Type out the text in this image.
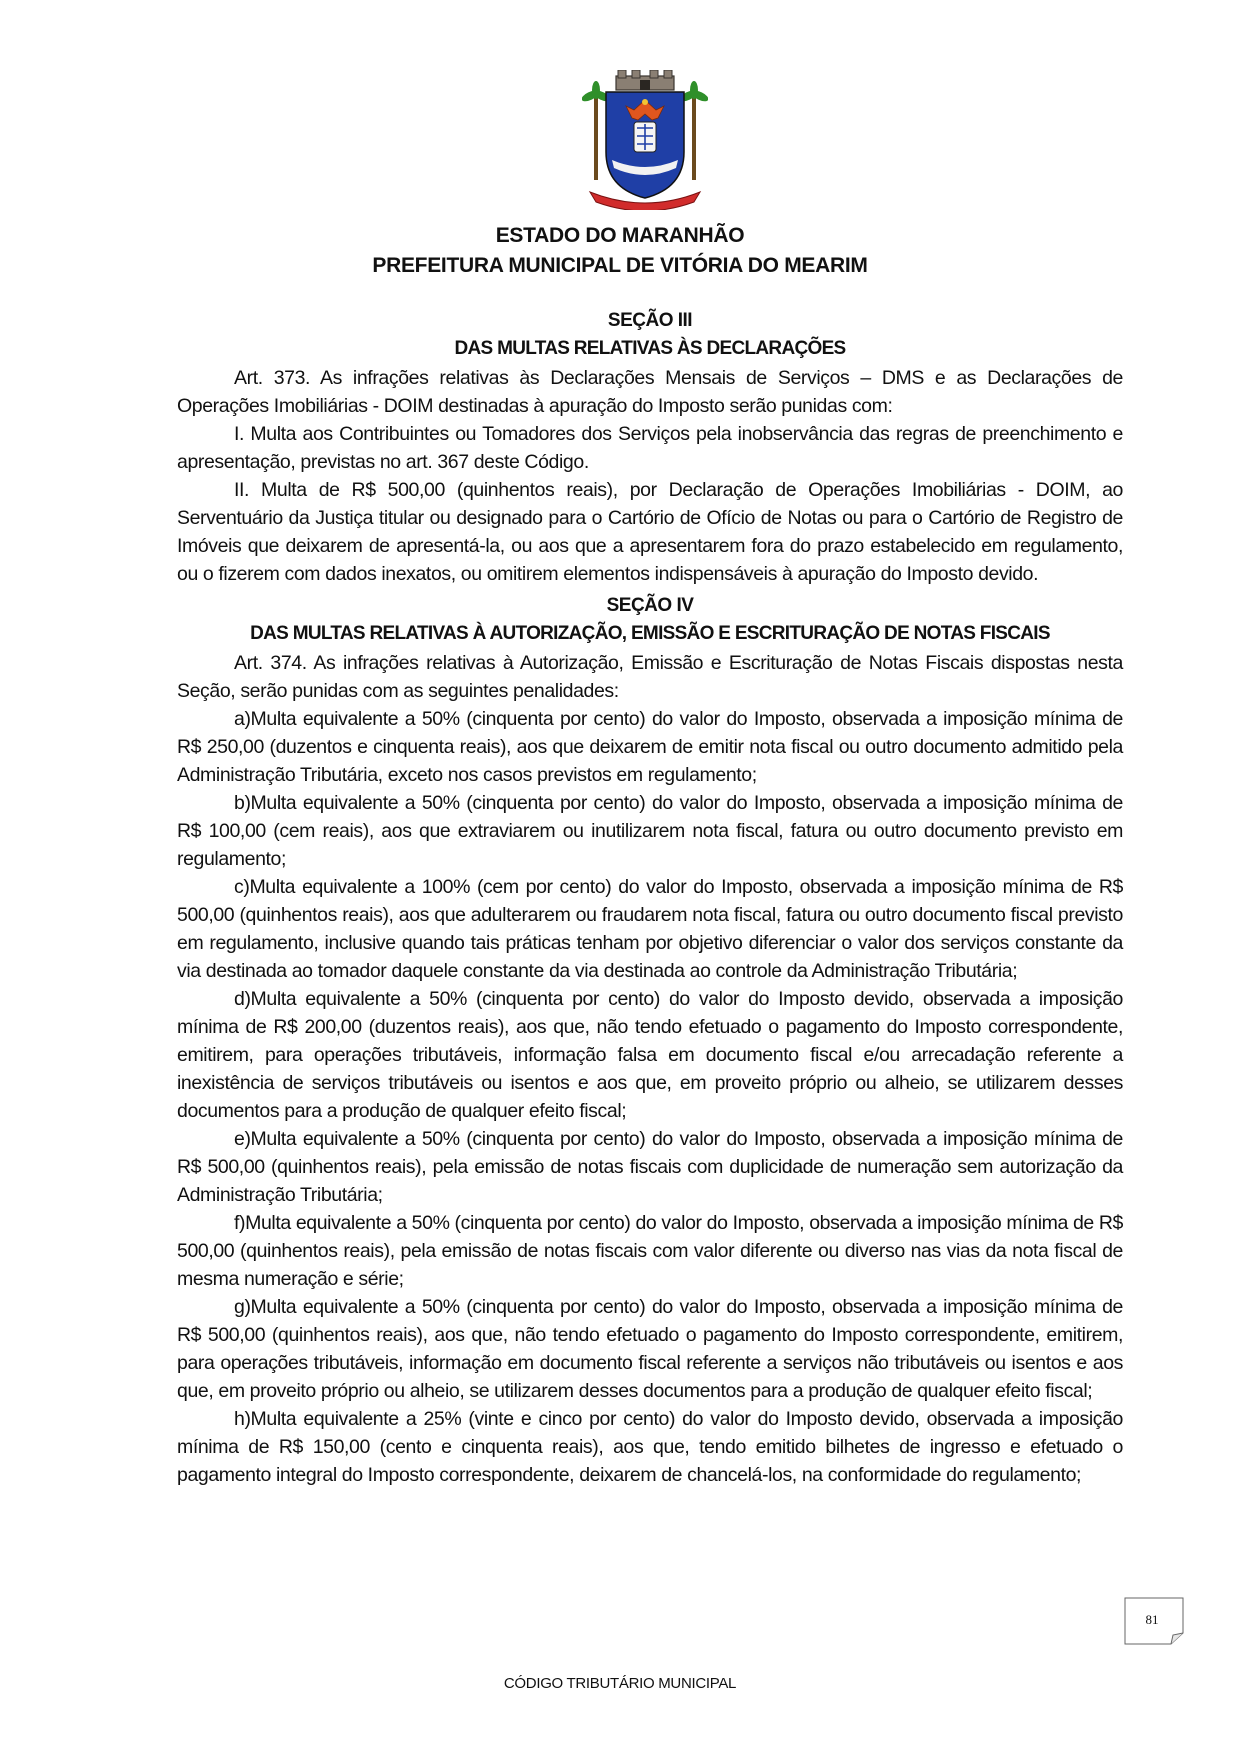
ESTADO DO MARANHÃO
PREFEITURA MUNICIPAL DE VITÓRIA DO MEARIM

SEÇÃO III

DAS MULTAS RELATIVAS ÀS DECLARAÇÕES

Art. 373. As infrações relativas às Declarações Mensais de Serviços – DMS e as Declarações de Operações Imobiliárias - DOIM destinadas à apuração do Imposto serão punidas com:

I. Multa aos Contribuintes ou Tomadores dos Serviços pela inobservância das regras de preenchimento e apresentação, previstas no art. 367 deste Código.

II. Multa de R$ 500,00 (quinhentos reais), por Declaração de Operações Imobiliárias - DOIM, ao Serventuário da Justiça titular ou designado para o Cartório de Ofício de Notas ou para o Cartório de Registro de Imóveis que deixarem de apresentá-la, ou aos que a apresentarem fora do prazo estabelecido em regulamento, ou o fizerem com dados inexatos, ou omitirem elementos indispensáveis à apuração do Imposto devido.

SEÇÃO IV

DAS MULTAS RELATIVAS À AUTORIZAÇÃO, EMISSÃO E ESCRITURAÇÃO DE NOTAS FISCAIS

Art. 374. As infrações relativas à Autorização, Emissão e Escrituração de Notas Fiscais dispostas nesta Seção, serão punidas com as seguintes penalidades:

a)Multa equivalente a 50% (cinquenta por cento) do valor do Imposto, observada a imposição mínima de R$ 250,00 (duzentos e cinquenta reais), aos que deixarem de emitir nota fiscal ou outro documento admitido pela Administração Tributária, exceto nos casos previstos em regulamento;

b)Multa equivalente a 50% (cinquenta por cento) do valor do Imposto, observada a imposição mínima de R$ 100,00 (cem reais), aos que extraviarem ou inutilizarem nota fiscal, fatura ou outro documento previsto em regulamento;

c)Multa equivalente a 100% (cem por cento) do valor do Imposto, observada a imposição mínima de R$ 500,00 (quinhentos reais), aos que adulterarem ou fraudarem nota fiscal, fatura ou outro documento fiscal previsto em regulamento, inclusive quando tais práticas tenham por objetivo diferenciar o valor dos serviços constante da via destinada ao tomador daquele constante da via destinada ao controle da Administração Tributária;

d)Multa equivalente a 50% (cinquenta por cento) do valor do Imposto devido, observada a imposição mínima de R$ 200,00 (duzentos reais), aos que, não tendo efetuado o pagamento do Imposto correspondente, emitirem, para operações tributáveis, informação falsa em documento fiscal e/ou arrecadação referente a inexistência de serviços tributáveis ou isentos e aos que, em proveito próprio ou alheio, se utilizarem desses documentos para a produção de qualquer efeito fiscal;

e)Multa equivalente a 50% (cinquenta por cento) do valor do Imposto, observada a imposição mínima de R$ 500,00 (quinhentos reais), pela emissão de notas fiscais com duplicidade de numeração sem autorização da Administração Tributária;

f)Multa equivalente a 50% (cinquenta por cento) do valor do Imposto, observada a imposição mínima de R$ 500,00 (quinhentos reais), pela emissão de notas fiscais com valor diferente ou diverso nas vias da nota fiscal de mesma numeração e série;

g)Multa equivalente a 50% (cinquenta por cento) do valor do Imposto, observada a imposição mínima de R$ 500,00 (quinhentos reais), aos que, não tendo efetuado o pagamento do Imposto correspondente, emitirem, para operações tributáveis, informação em documento fiscal referente a serviços não tributáveis ou isentos e aos que, em proveito próprio ou alheio, se utilizarem desses documentos para a produção de qualquer efeito fiscal;

h)Multa equivalente a 25% (vinte e cinco por cento) do valor do Imposto devido, observada a imposição mínima de R$ 150,00 (cento e cinquenta reais), aos que, tendo emitido bilhetes de ingresso e efetuado o pagamento integral do Imposto correspondente, deixarem de chancelá-los, na conformidade do regulamento;

81
CÓDIGO TRIBUTÁRIO MUNICIPAL
